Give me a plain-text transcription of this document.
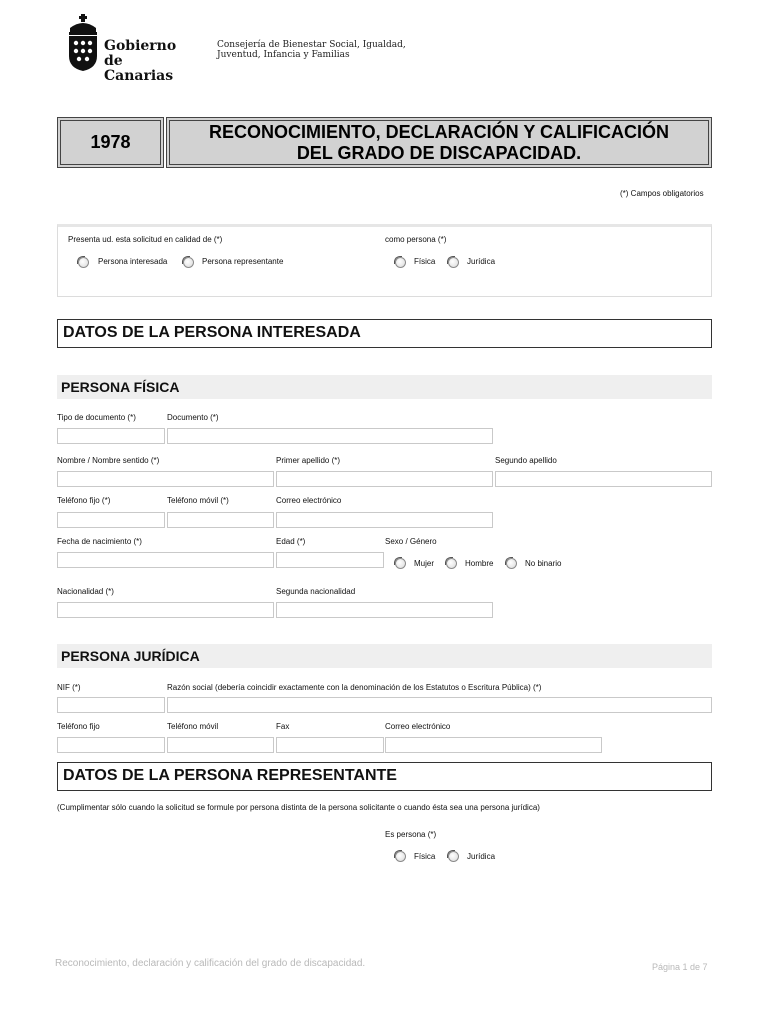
Gobierno
de Canarias
Consejería de Bienestar Social, Igualdad,
Juventud, Infancia y Familias
1978	RECONOCIMIENTO, DECLARACIÓN Y CALIFICACIÓN
DEL GRADO DE DISCAPACIDAD.
(*) Campos obligatorios
Presenta ud. esta solicitud en calidad de (*)
Persona interesada	Persona representante
como persona (*)
Física	Jurídica
DATOS DE LA PERSONA INTERESADA
PERSONA FÍSICA
Tipo de documento (*)	Documento (*)
Nombre / Nombre sentido (*)	Primer apellido (*)	Segundo apellido
Teléfono fijo (*)	Teléfono móvil (*)	Correo electrónico
Fecha de nacimiento (*)	Edad (*)	Sexo / Género
Mujer	Hombre	No binario
Nacionalidad (*)	Segunda nacionalidad
PERSONA JURÍDICA
NIF (*)	Razón social (debería coincidir exactamente con la denominación de los Estatutos o Escritura Pública) (*)
Teléfono fijo	Teléfono móvil	Fax	Correo electrónico
DATOS DE LA PERSONA REPRESENTANTE
(Cumplimentar sólo cuando la solicitud se formule por persona distinta de la persona solicitante o cuando ésta sea una persona jurídica)
Es persona (*)
Física	Jurídica
Reconocimiento, declaración y calificación del grado de discapacidad.	Página 1 de 7
